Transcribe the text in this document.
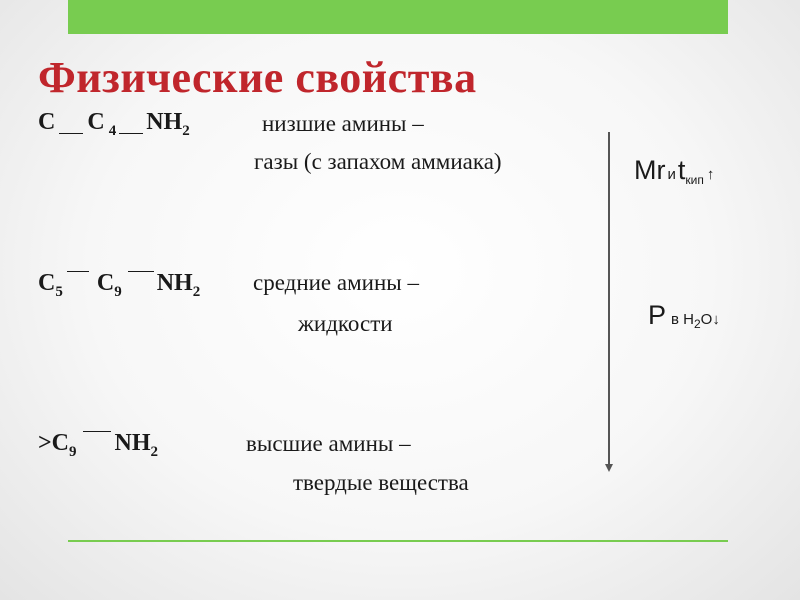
Физические свойства
C C $_4$ $NH_2$	низшие амины –
газы (с запахом аммиака)
$C_5$ $C_9$ $NH_2$ средние амины –
жидкости
$>C_9$ $NH_2$	высшие амины –
твердые вещества
Mr $иt_{кип}$ ↑
Pв $H_2O↓$
